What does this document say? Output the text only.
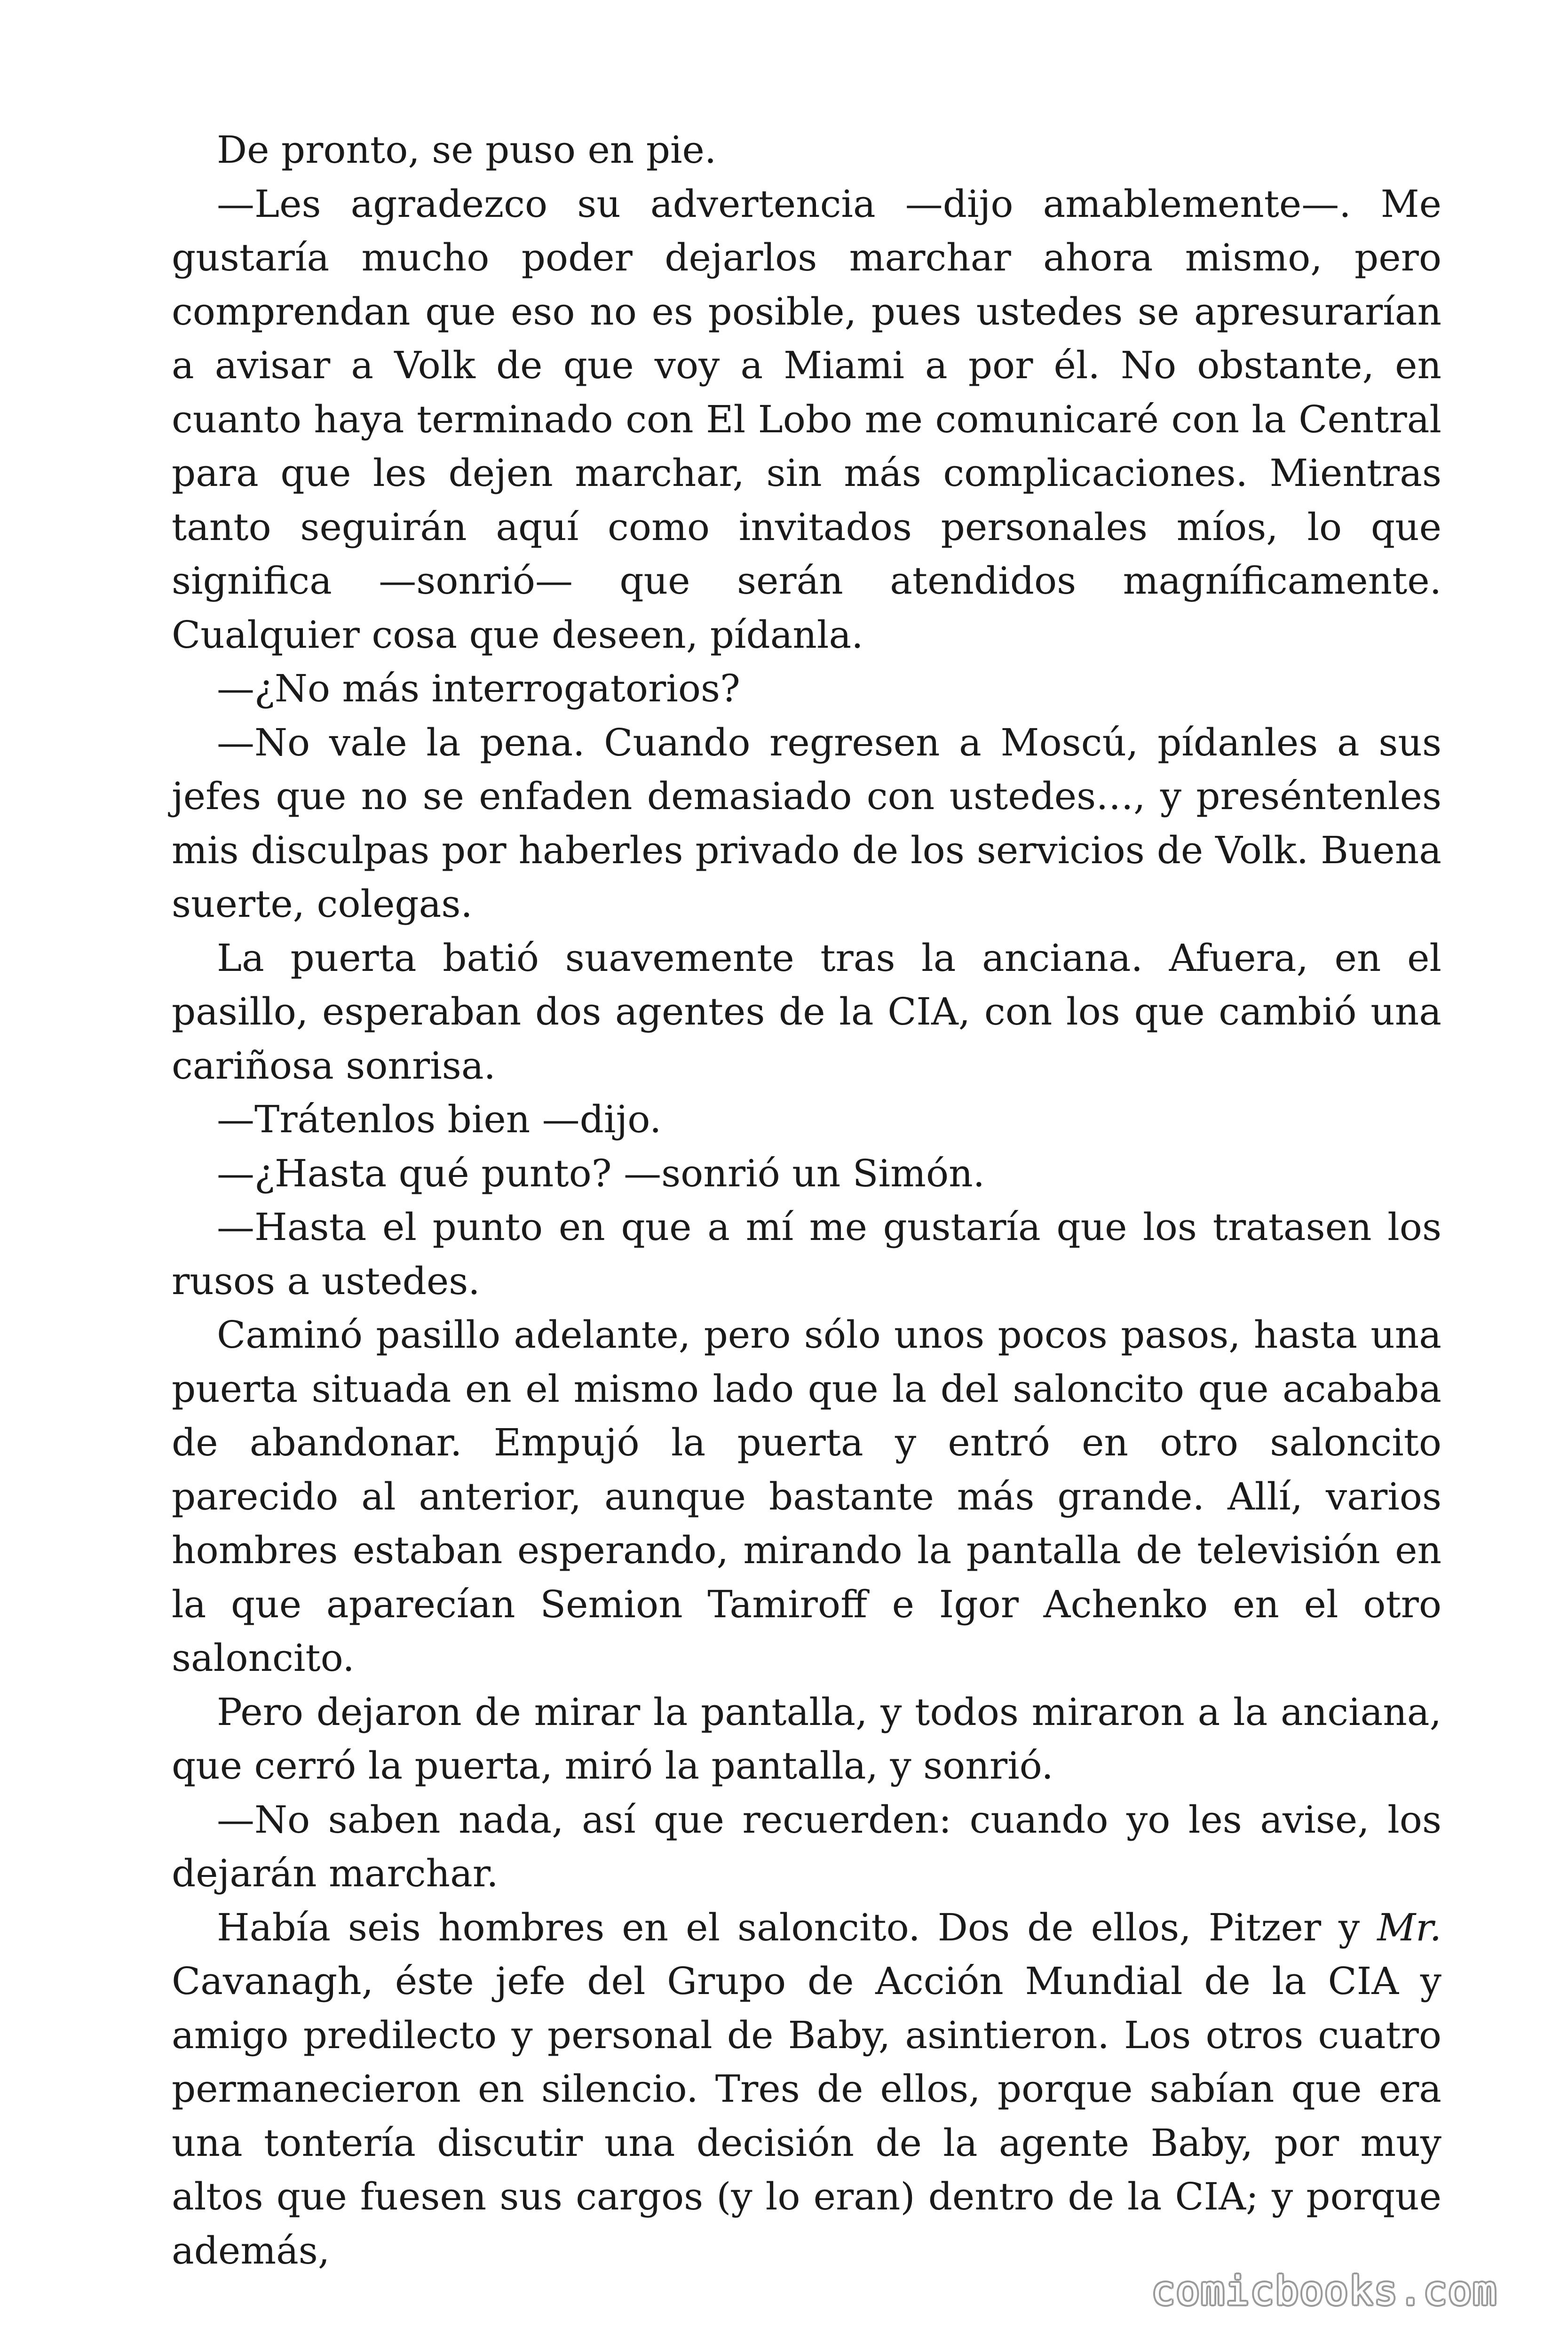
De pronto, se puso en pie.

—Les agradezco su advertencia —dijo amablemente—. Me gustaría mucho poder dejarlos marchar ahora mismo, pero comprendan que eso no es posible, pues ustedes se apresurarían a avisar a Volk de que voy a Miami a por él. No obstante, en cuanto haya terminado con El Lobo me comunicaré con la Central para que les dejen marchar, sin más complicaciones. Mientras tanto seguirán aquí como invitados personales míos, lo que significa —sonrió— que serán atendidos magníficamente. Cualquier cosa que deseen, pídanla.

—¿No más interrogatorios?

—No vale la pena. Cuando regresen a Moscú, pídanles a sus jefes que no se enfaden demasiado con ustedes…, y preséntenles mis disculpas por haberles privado de los servicios de Volk. Buena suerte, colegas.

La puerta batió suavemente tras la anciana. Afuera, en el pasillo, esperaban dos agentes de la CIA, con los que cambió una cariñosa sonrisa.

—Trátenlos bien —dijo.

—¿Hasta qué punto? —sonrió un Simón.

—Hasta el punto en que a mí me gustaría que los tratasen los rusos a ustedes.

Caminó pasillo adelante, pero sólo unos pocos pasos, hasta una puerta situada en el mismo lado que la del saloncito que acababa de abandonar. Empujó la puerta y entró en otro saloncito parecido al anterior, aunque bastante más grande. Allí, varios hombres estaban esperando, mirando la pantalla de televisión en la que aparecían Semion Tamiroff e Igor Achenko en el otro saloncito.

Pero dejaron de mirar la pantalla, y todos miraron a la anciana, que cerró la puerta, miró la pantalla, y sonrió.

—No saben nada, así que recuerden: cuando yo les avise, los dejarán marchar.

Había seis hombres en el saloncito. Dos de ellos, Pitzer y Mr. Cavanagh, éste jefe del Grupo de Acción Mundial de la CIA y amigo predilecto y personal de Baby, asintieron. Los otros cuatro permanecieron en silencio. Tres de ellos, porque sabían que era una tontería discutir una decisión de la agente Baby, por muy altos que fuesen sus cargos (y lo eran) dentro de la CIA; y porque además,

comicbooks.com
